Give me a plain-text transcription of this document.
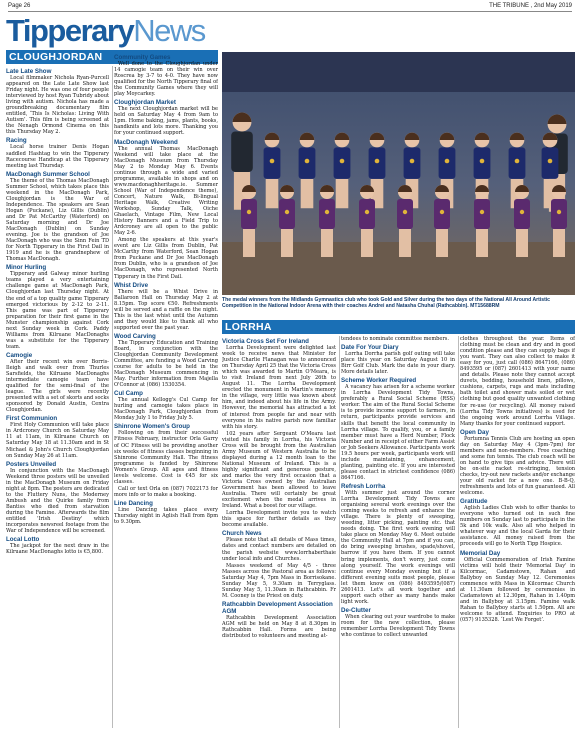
Page 26	THE TRIBUNE , 2nd May 2019
TipperaryNews
CLOUGHJORDAN
Late Late Show

Local filmmaker Nichola Ryan-Purcell appeared on the Late Late Show last Friday night. He was one of four people interviewed by host Ryan Tubridy about living with autism. Nichola has made a groundbreaking documentary film entitled, ‘This Is Nicholas: Living With Autism’. This film is being screened at the Nenagh Ormond Cinema on this this Thursday May 2.

Racing

Local horse trainer Denis Hogan saddled Hashtag to win the Tipperary Racecourse Handicap at the Tipperary meeting last Thursday.

MacDonagh Summer School

The theme of the Thomas MacDonagh Summer School, which takes place this weekend in the MacDonagh Park, Cloughjordan is the War of Independence. The speakers are Sean Hogan (Puckane), Liz Gillis (Dublin) and Dr Pat McCarthy (Waterford) on Saturday morning and Dr Joe MacDonagh (Dublin) on Sunday evening. Joe is the grandson of Joe MacDonagh who was the Sinn Fein TD for North Tipperary in the First Dail in 1919 and he is the grandnephew of Thomas MacDonagh.

Minor Hurling

Tipperary and Galway minor hurling teams played a very entertaining challenge game at MacDonagh Park, Cloughjordan last Thursday night. At the end of a top quality game Tipperary emerged victorious by 2-12 to 2-11. This game was part of Tipperary preparation for their first game in the Munster championship against Cork next Sunday week in Cork. Paddy Williams from Kilruane MacDonaghs was a substitute for the Tipperary team.

Camogie

After their recent win over Borris-Ileigh and walk over from Thurles Sarsfields, the Kilruane MacDonaghs intermediate camogie team have qualified for the semi-final of the league. The girls were recently presented with a set of skorts and socks sponsored by Donald Austin, Centra Cloughjordan.

First Communion

First Holy Communion will take place in Ardcroney Church on Saturday May 11 at 11am, in Kilruane Church on Saturday May 18 at 11.30am and in St Michael & John's Church Cloughjordan on Sunday May 26 at 11am.

Posters Unveiled

In conjunction with the MacDonagh Weekend three posters will be unveiled in the MacDonagh Museum on Friday night at 8pm. The posters are dedicated to the Fluttery Nuns, the Moderney Ambush and the Quirke family from Bantiss who died from starvation during the Famine. Afterwards the film entitled 'Irish Destiny' which incorporates newsreel footage from the War of Independence will be screened.

Local Lotto

The jackpot for the next draw in the Kilruane MacDonaghs lotto is €5,800.

Community Games

Well done to the Cloughjordan under 14 camogie team on their win over Roscrea by 3-7 to 4-0. They have now qualified for the North Tipperary final of the Community Games where they will play Moycarkey.

Cloughjordan Market

The next Cloughjordan market will be held on Saturday May 4 from 9am to 1pm. Home baking, jams, plants, books, handknits and lots more. Thanking you for your continued support.

MacDonagh Weekend

The annual Thomas MacDonagh Weekend will take place at the MacDonagh Museum from Thursday May 2 to Monday May 6. Events continue through a wide and varied programme, available in shops and on www.macdonaghheritage.ie. Summer School (War of Independence theme), Concert, Nature Walk, Bi-lingual Heritage Walk, Creative Writing Workshop, Sunday Talk, Oiche Ghaelach, Vintage Film, New Local History Banners and a Field Trip to Ardcroney are all open to the public May 2-6.

Among the speakers at this year's event are Liz Gillis from Dublin, Pat McCarthy from Waterford, Sean Hogan from Puckane and Dr Joe MacDonagh from Dublin, who is a grandson of Joe MacDonagh, who represented North Tipperary in the First Dail.

Whist Drive

There will be a Whist Drive in Ballaroon Hall on Thursday May 2 at 8.15pm. Top score €50. Refreshments will be served and a raffle on the night. This is the last whist until the Autumn and they would like to thank all who supported over the past year.

Wood Carving

The Tipperary Education and Training Board, in conjunction with the Cloughjordan Community Development Committee, are funding a Wood Carving course for adults to be held in the MacDonagh Museum commencing in May. Further information from Majella O'Connor at (086) 1530354.

Cul Camp

The annual Kellogg's Cul Camp for hurling and camogie takes place in MacDonagh Park, Cloughjordan from Monday July 1 to Friday July 5.

Shinrone Women's Group

Following on from their successful Fitness February, instructor Orla Garry of OC Fitness will be providing another six weeks of fitness classes beginning in Shinrone Community Hall. The fitness programme is funded by Shinrone Women's Group. All ages and fitness levels welcome. Cost is €45 for six classes.

Call or text Orla on (087) 7022173 for more info or to make a booking.

Line Dancing

Line Dancing takes place every Thursday night in Aglish Hall from 8pm to 9.30pm.

The medal winners from the Midlands Gymnastics club who took Gold and Silver during the two days of the National All Around Artistic Competition in the National Indoor Arena with their coaches Andrei and Natasha Chuhal (Rathcabbin). MT15688RM
LORRHA
Victoria Cross Set For Ireland

Lorrha Development were delighted last week to receive news that Minister for Justice Charlie Flanagan was to announced on Thursday April 25 that the Victoria Cross which was awarded to Martin O'Meara, is to visit Ireland from next July 26th to August 11. The Lorrha Development erected the monument in Martin's memory in the village, very little was known about him, and indeed about his life in the Army. However, the memorial has attracted a lot of interest from people far and near with everyone in his native parish now familiar with his story.

102 years after Sergeant O'Meara last visited his family in Lorrha, his Victoria Cross will be brought from the Australian Army Museum of Western Australia to be displayed during a 12 month loan to the National Museum of Ireland. This is a highly significant and generous gesture, and marks the very first occasion that a Victoria Cross owned by the Australian Government has been allowed to leave Australia. There will certainly be great excitement when the medal arrives in Ireland. What a boost for our village.

Lorrha Development invite you to watch this space for further details as they become available.

Church News

Please note that all details of Mass times, dates and contact numbers are detailed on the parish website www.lorrhaberthaie under local info and Churches.

Masses weekend of May 4/5 - three Masses across the Pastoral area as follows: Saturday May 4, 7pm Mass in Borrisokane. Sunday May 5, 9.30am in Terryglass. Sunday May 5, 11.30am in Rathcabbin. Fr M. Cooney is the Priest on duty.

Rathcabbin Development Association AGM

Rathcabbin Development Association AGM will be held on May 8 at 8.30pm in Rathcabbin Hall. Forms are being distributed to volunteers and meeting at-

tendees to nominate committee members.

Date For Your Diary

Lorrha Dorrha parish golf outing will take place this year on Saturday August 10 in Birr Golf Club. Mark the date in your diary. More details later.

Scheme Worker Required

A vacancy has arisen for a scheme worker in Lorrha Development Tidy Towns, preferably a Rural Social Scheme (RSS) worker. The aim of the Rural Social Scheme is to provide income support to farmers, in return, participants provide services and skills that benefit the local community in Lorrha village. To qualify, you, or a family member must have a Herd Number, Flock Number and in receipt of either Farm Assist or Job Seekers Allowance. Participants work 19.5 hours per week, participants work will include maintaining, enhancement, planting, painting etc. If you are interested please contact in strictest confidence (086) 8647166.

Refresh Lorrha

With summer just around the corner Lorrha Development Tidy Towns are organising several work evenings over the coming weeks to refresh and enhance the village. There is plenty of sweeping, weeding, litter picking, painting etc. that needs doing. The first work evening will take place on Monday May 6. Meet outside the Community Hall at 7pm and if you can, do bring sweeping brushes, spade/shovel, barrow if you have them. If you cannot bring implements, don't worry, just come along yourself. The work evenings will continue every Monday evening but if a different evening suits most people, please let them know on (086) 8493595/(087) 2601413. Let's all work together and support each other as many hands make light work.

De-Clutter

When clearing out your wardrobe to make room for the new collection, please remember Lorrha Development Tidy Towns who continue to collect unwanted

clothes throughout the year. Items of clothing must be clean and dry and in good condition please and they can supply bags if you want. They can also collect to make it easy for you, just call (086) 8647166, (086) 8493595 or (087) 2601413 with your name and details. Please note they cannot accept duvets, bedding, household linen, pillows, cushions, carpets, rugs and mats including bath toilet and shower mats soiled or wet clothing but good quality unwanted clothing for re-use (or recycling). All money raised (Lorrha Tidy Towns initiatives) is used for the ongoing work around Lorrha Village. Many thanks for your continued support.

Open Day

Portumna Tennis Club are hosting an open day on Saturday May 4 (3pm-7pm) for members and non-members. Free coaching and some fun tennis. The club coach will be on hand to give tips and advice. There will be on-site racket re-stringing, tension checks, try-out new rackets and/or exchange your old racket for a new one. B-B-Q, refreshments and lots of fun guaranteed. All welcome.

Gratitude

Aglish Ladies Club wish to offer thanks to everyone who turned out in such fine numbers on Sunday last to participate in the 5k and 10k walk. Also all who helped in whatever way and the local Garda for their assistance. All money raised from the proceeds will go to North Tipp Hospice.

Memorial Day

Official Commemoration of Irish Famine victims will hold their 'Memorial Day' in Kilcormac, Cadamstown, Rahan and Ballyboy on Sunday May 12. Ceremonies commence with Mass in Kilcormac Church at 11.30am followed by ceremonies in Cadamstown at 12.30pm, Rahan in 1.40pm and in Ballyboy at 3.15pm. Famine walk Rahan to Ballyboy starts at 1.50pm. All are welcome to attend. Enquiries to PRO at (057) 9135328. ‘Lest We Forget’.
